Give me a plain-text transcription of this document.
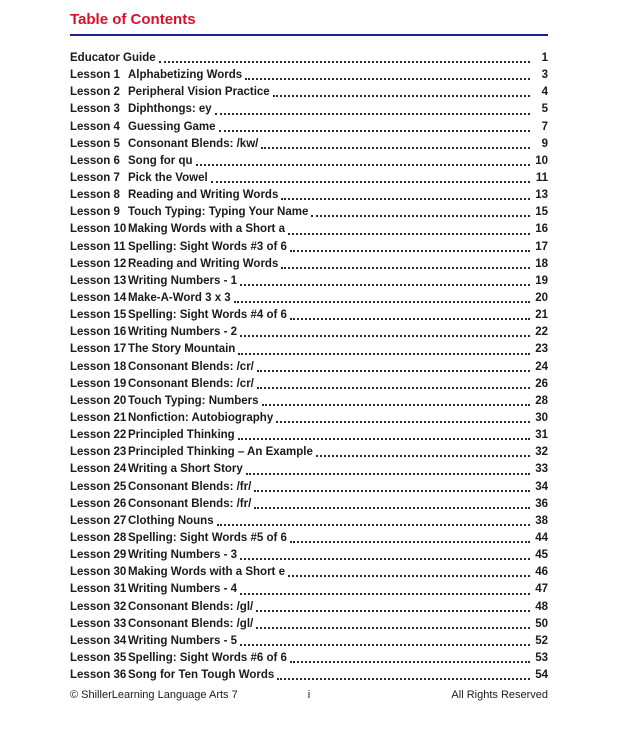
Table of Contents
Educator Guide	1
Lesson 1 Alphabetizing Words	3
Lesson 2 Peripheral Vision Practice	4
Lesson 3 Diphthongs: ey	5
Lesson 4 Guessing Game	7
Lesson 5 Consonant Blends: /kw/	9
Lesson 6 Song for qu	10
Lesson 7 Pick the Vowel	11
Lesson 8 Reading and Writing Words	13
Lesson 9 Touch Typing: Typing Your Name	15
Lesson 10 Making Words with a Short a	16
Lesson 11 Spelling: Sight Words #3 of 6	17
Lesson 12 Reading and Writing Words	18
Lesson 13 Writing Numbers - 1	19
Lesson 14 Make-A-Word 3 x 3	20
Lesson 15 Spelling: Sight Words #4 of 6	21
Lesson 16 Writing Numbers - 2	22
Lesson 17 The Story Mountain	23
Lesson 18 Consonant Blends: /cr/	24
Lesson 19 Consonant Blends: /cr/	26
Lesson 20 Touch Typing: Numbers	28
Lesson 21 Nonfiction: Autobiography	30
Lesson 22 Principled Thinking	31
Lesson 23 Principled Thinking – An Example	32
Lesson 24 Writing a Short Story	33
Lesson 25 Consonant Blends: /fr/	34
Lesson 26 Consonant Blends: /fr/	36
Lesson 27 Clothing Nouns	38
Lesson 28 Spelling: Sight Words #5 of 6	44
Lesson 29 Writing Numbers - 3	45
Lesson 30 Making Words with a Short e	46
Lesson 31 Writing Numbers - 4	47
Lesson 32 Consonant Blends: /gl/	48
Lesson 33 Consonant Blends: /gl/	50
Lesson 34 Writing Numbers - 5	52
Lesson 35 Spelling: Sight Words #6 of 6	53
Lesson 36 Song for Ten Tough Words	54
© ShillerLearning Language Arts 7	i	All Rights Reserved
